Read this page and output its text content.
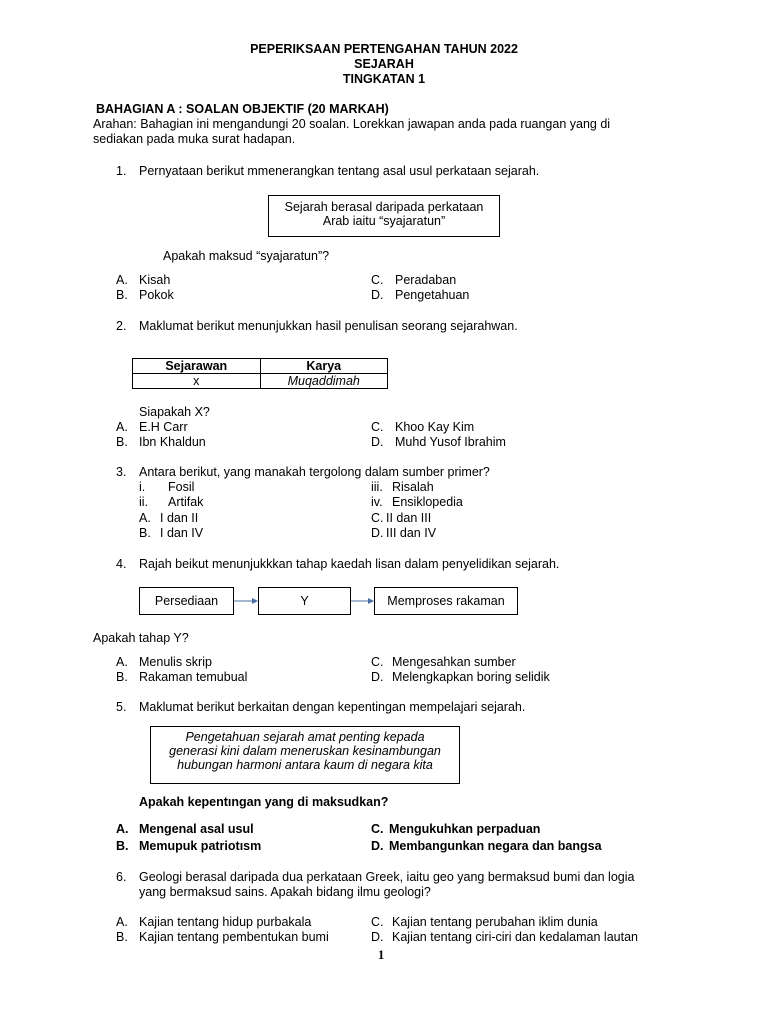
PEPERIKSAAN PERTENGAHAN TAHUN 2022
SEJARAH
TINGKATAN 1
BAHAGIAN A : SOALAN OBJEKTIF (20 MARKAH)
Arahan: Bahagian ini mengandungi 20 soalan. Lorekkan jawapan anda pada ruangan yang di
sediakan pada muka surat hadapan.
1. Pernyataan berikut mmenerangkan tentang asal usul perkataan sejarah.
Sejarah berasal daripada perkataan
Arab iaitu “syajaratun”
Apakah maksud “syajaratun”?
A. Kisah
B. Pokok
C. Peradaban
D. Pengetahuan
2. Maklumat berikut menunjukkan hasil penulisan seorang sejarahwan.
Sejarawan	Karya
x	Muqaddimah
Siapakah X?
A. E.H Carr
B. Ibn Khaldun
C. Khoo Kay Kim
D. Muhd Yusof Ibrahim
3. Antara berikut, yang manakah tergolong dalam sumber primer?
i. Fosil
ii. Artifak
iii. Risalah
iv. Ensiklopedia
A. I dan II
B. I dan IV
C. II dan III
D. III dan IV
4. Rajah beikut menunjukkkan tahap kaedah lisan dalam penyelidikan sejarah.
Persediaan	Y	Memproses rakaman
Apakah tahap Y?
A. Menulis skrip
B. Rakaman temubual
C. Mengesahkan sumber
D. Melengkapkan boring selidik
5. Maklumat berikut berkaitan dengan kepentingan mempelajari sejarah.
Pengetahuan sejarah amat penting kepada
generasi kini dalam meneruskan kesinambungan
hubungan harmoni antara kaum di negara kita
Apakah kepentıngan yang di maksudkan?
A. Mengenal asal usul
B. Memupuk patriotısm
C. Mengukuhkan perpaduan
D. Membangunkan negara dan bangsa
6. Geologi berasal daripada dua perkataan Greek, iaitu geo yang bermaksud bumi dan logia
yang bermaksud sains. Apakah bidang ilmu geologi?
A. Kajian tentang hidup purbakala
B. Kajian tentang pembentukan bumi
C. Kajian tentang perubahan iklim dunia
D. Kajian tentang ciri-ciri dan kedalaman lautan
1
